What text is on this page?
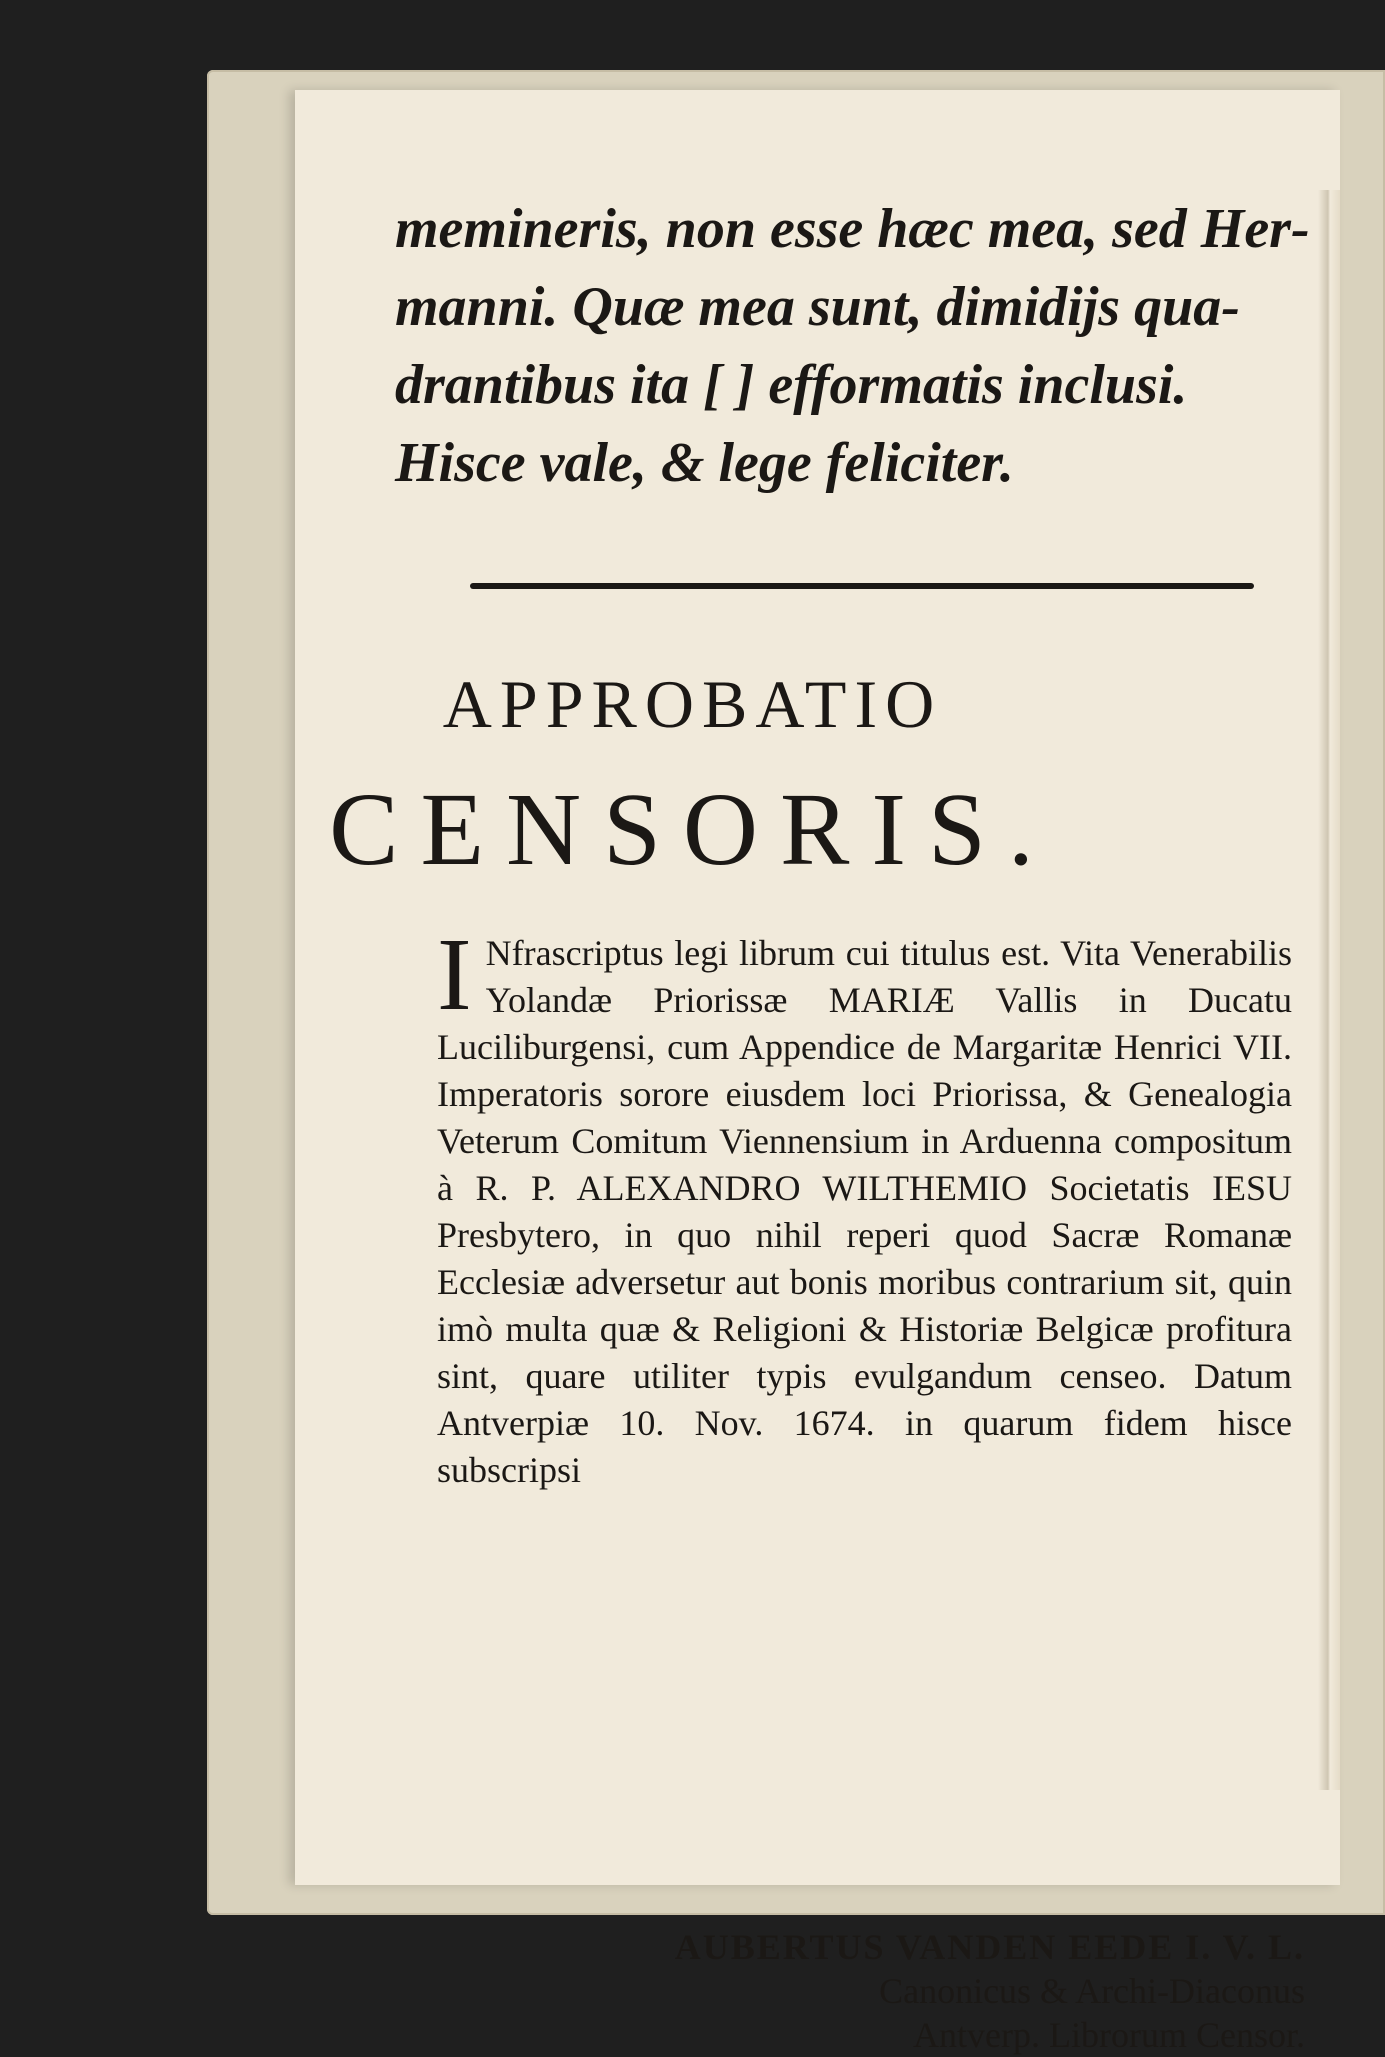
memineris, non esse hæc mea, sed Her-
manni. Quæ mea sunt, dimidijs qua-
drantibus ita [ ] efformatis inclusi.
Hisce vale, & lege feliciter.
APPROBATIO
CENSORIS.
I Nfrascriptus legi librum cui titulus est. Vita Venerabilis Yolandæ Priorissæ MARIÆ Vallis in Ducatu Luciliburgensi, cum Appendice de Margaritæ Henrici VII. Imperatoris sorore eiusdem loci Priorissa, & Genealogia Veterum Comitum Viennensium in Arduenna compositum à R. P. ALEXANDRO WILTHEMIO Societatis IESU Presbytero, in quo nihil reperi quod Sacræ Romanæ Ecclesiæ adversetur aut bonis moribus contrarium sit, quin imò multa quæ & Religioni & Historiæ Belgicæ profitura sint, quare utiliter typis evulgandum censeo. Datum Antverpiæ 10. Nov. 1674. in quarum fidem hisce subscripsi
AUBERTUS VANDEN EEDE I. V. L.
Canonicus & Archi-Diaconus
Antverp. Librorum Censor.
